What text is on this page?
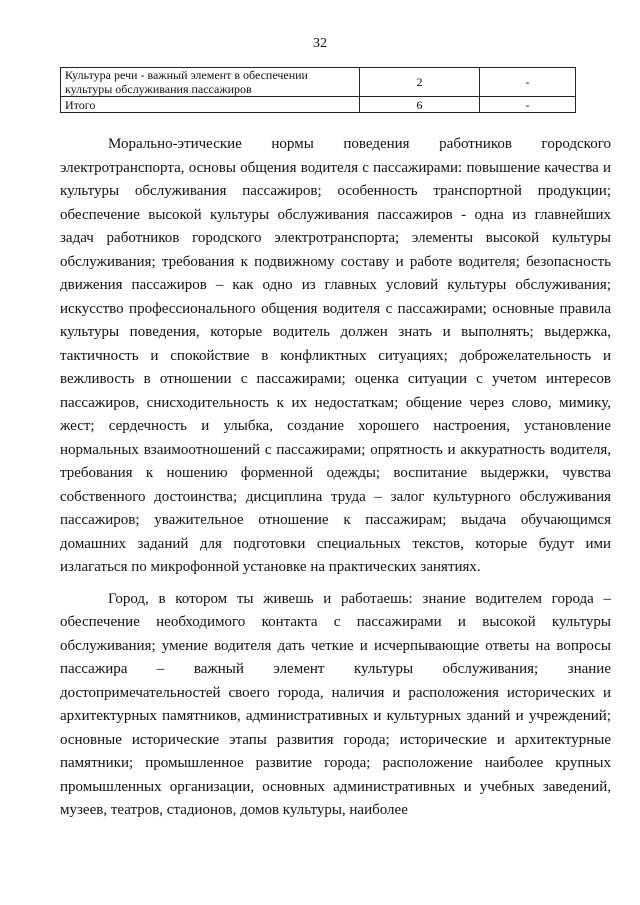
32
Культура речи - важный элемент в обеспечении культуры обслуживания пассажиров	2	-
Итого	6	-

Морально-этические нормы поведения работников городского электротранспорта, основы общения водителя с пассажирами: повышение качества и культуры обслуживания пассажиров; особенность транспортной продукции; обеспечение высокой культуры обслуживания пассажиров - одна из главнейших задач работников городского электротранспорта; элементы высокой культуры обслуживания; требования к подвижному составу и работе водителя; безопасность движения пассажиров – как одно из главных условий культуры обслуживания; искусство профессионального общения водителя с пассажирами; основные правила культуры поведения, которые водитель должен знать и выполнять; выдержка, тактичность и спокойствие в конфликтных ситуациях; доброжелательность и вежливость в отношении с пассажирами; оценка ситуации с учетом интересов пассажиров, снисходительность к их недостаткам; общение через слово, мимику, жест; сердечность и улыбка, создание хорошего настроения, установление нормальных взаимоотношений с пассажирами; опрятность и аккуратность водителя, требования к ношению форменной одежды; воспитание выдержки, чувства собственного достоинства; дисциплина труда – залог культурного обслуживания пассажиров; уважительное отношение к пассажирам; выдача обучающимся домашних заданий для подготовки специальных текстов, которые будут ими излагаться по микрофонной установке на практических занятиях.

Город, в котором ты живешь и работаешь: знание водителем города – обеспечение необходимого контакта с пассажирами и высокой культуры обслуживания; умение водителя дать четкие и исчерпывающие ответы на вопросы пассажира – важный элемент культуры обслуживания; знание достопримечательностей своего города, наличия и расположения исторических и архитектурных памятников, административных и культурных зданий и учреждений; основные исторические этапы развития города; исторические и архитектурные памятники; промышленное развитие города; расположение наиболее крупных промышленных организации, основных административных и учебных заведений, музеев, театров, стадионов, домов культуры, наиболее
